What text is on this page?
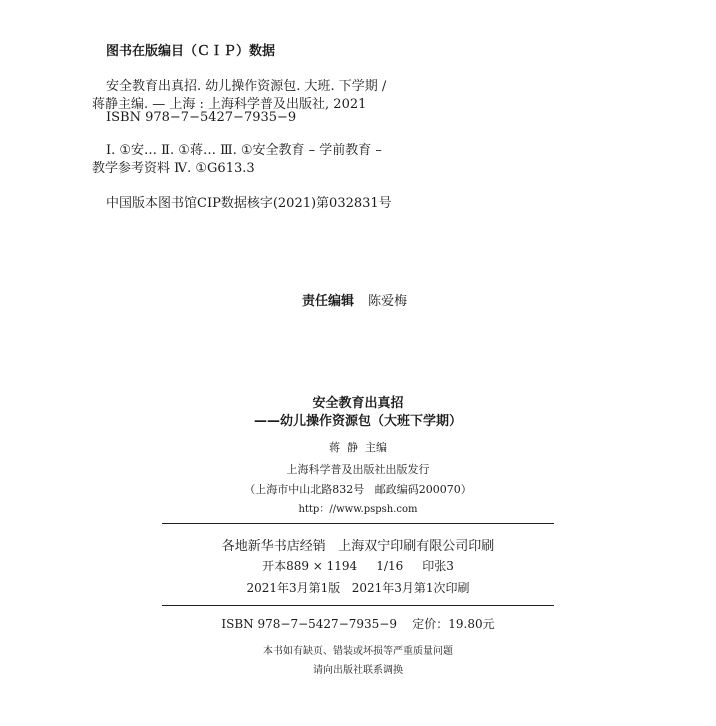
图书在版编目（ＣＩＰ）数据
安全教育出真招. 幼儿操作资源包. 大班. 下学期 /
蒋静主编. — 上海 : 上海科学普及出版社, 2021
ISBN 978−7−5427−7935−9
Ⅰ. ①安… Ⅱ. ①蒋… Ⅲ. ①安全教育 – 学前教育 –
教学参考资料 Ⅳ. ①G613.3
中国版本图书馆CIP数据核字(2021)第032831号
责任编辑 陈爱梅
安全教育出真招
——幼儿操作资源包（大班下学期）
蒋  静  主编
上海科学普及出版社出版发行
（上海市中山北路832号   邮政编码200070）
http：//www.pspsh.com
各地新华书店经销   上海双宁印刷有限公司印刷
开本889 × 1194     1/16     印张3
2021年3月第1版   2021年3月第1次印刷
ISBN 978−7−5427−7935−9    定价：19.80元
本书如有缺页、错装或坏损等严重质量问题
请向出版社联系调换
